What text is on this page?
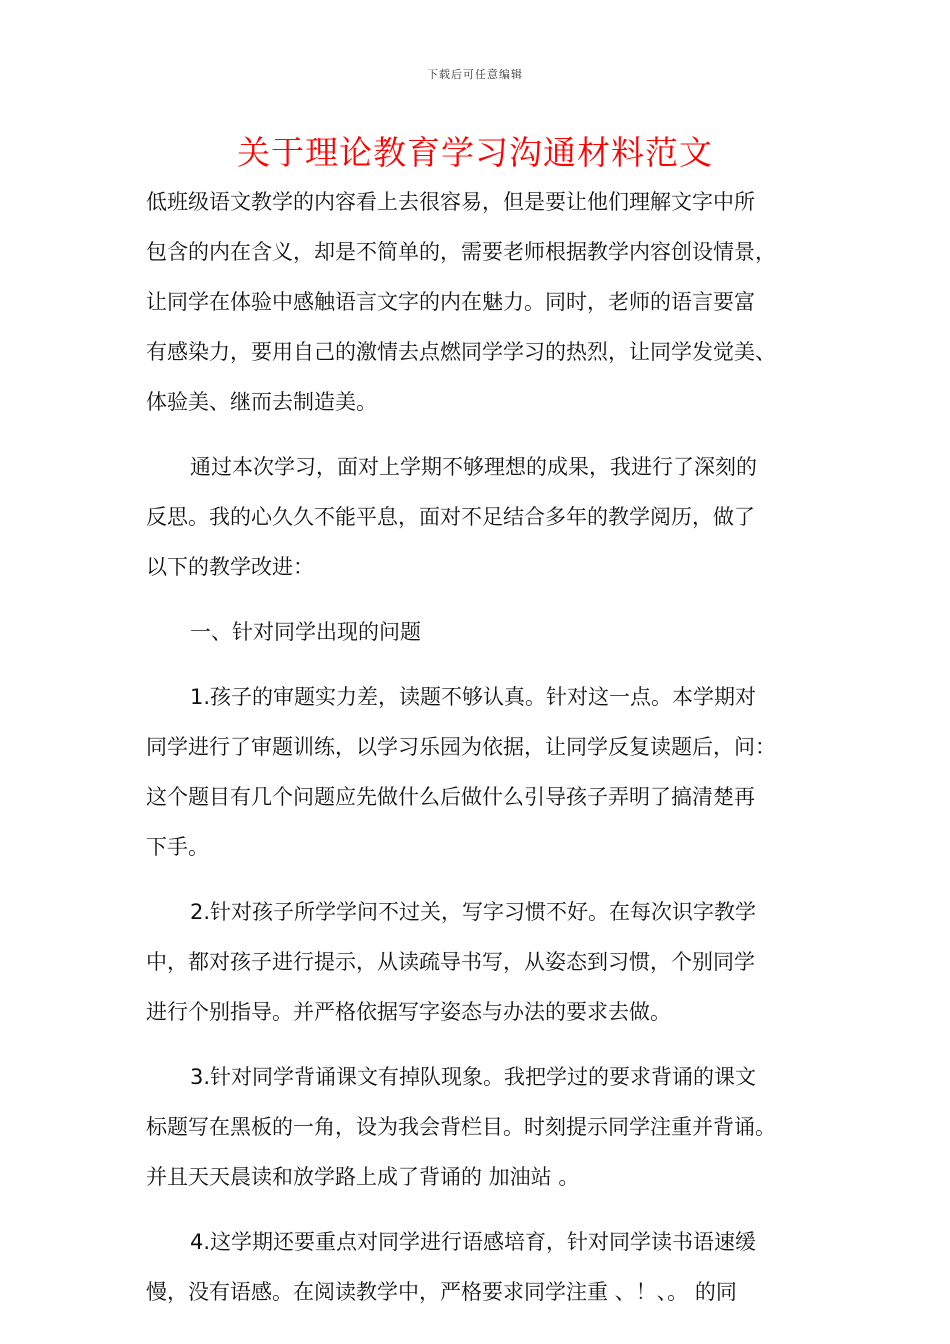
下载后可任意编辑
关于理论教育学习沟通材料范文
低班级语文教学的内容看上去很容易，但是要让他们理解文字中所
包含的内在含义，却是不简单的，需要老师根据教学内容创设情景，
让同学在体验中感触语言文字的内在魅力。同时，老师的语言要富
有感染力，要用自己的激情去点燃同学学习的热烈，让同学发觉美、
体验美、继而去制造美。
通过本次学习，面对上学期不够理想的成果，我进行了深刻的
反思。我的心久久不能平息，面对不足结合多年的教学阅历，做了
以下的教学改进：
一、针对同学出现的问题
1.孩子的审题实力差，读题不够认真。针对这一点。本学期对
同学进行了审题训练，以学习乐园为依据，让同学反复读题后，问：
这个题目有几个问题应先做什么后做什么引导孩子弄明了搞清楚再
下手。
2.针对孩子所学学问不过关，写字习惯不好。在每次识字教学
中，都对孩子进行提示，从读疏导书写，从姿态到习惯，个别同学
进行个别指导。并严格依据写字姿态与办法的要求去做。
3.针对同学背诵课文有掉队现象。我把学过的要求背诵的课文
标题写在黑板的一角，设为我会背栏目。时刻提示同学注重并背诵。
并且天天晨读和放学路上成了背诵的 加油站 。
4.这学期还要重点对同学进行语感培育，针对同学读书语速缓
慢，没有语感。在阅读教学中，严格要求同学注重 、！、。 的同
